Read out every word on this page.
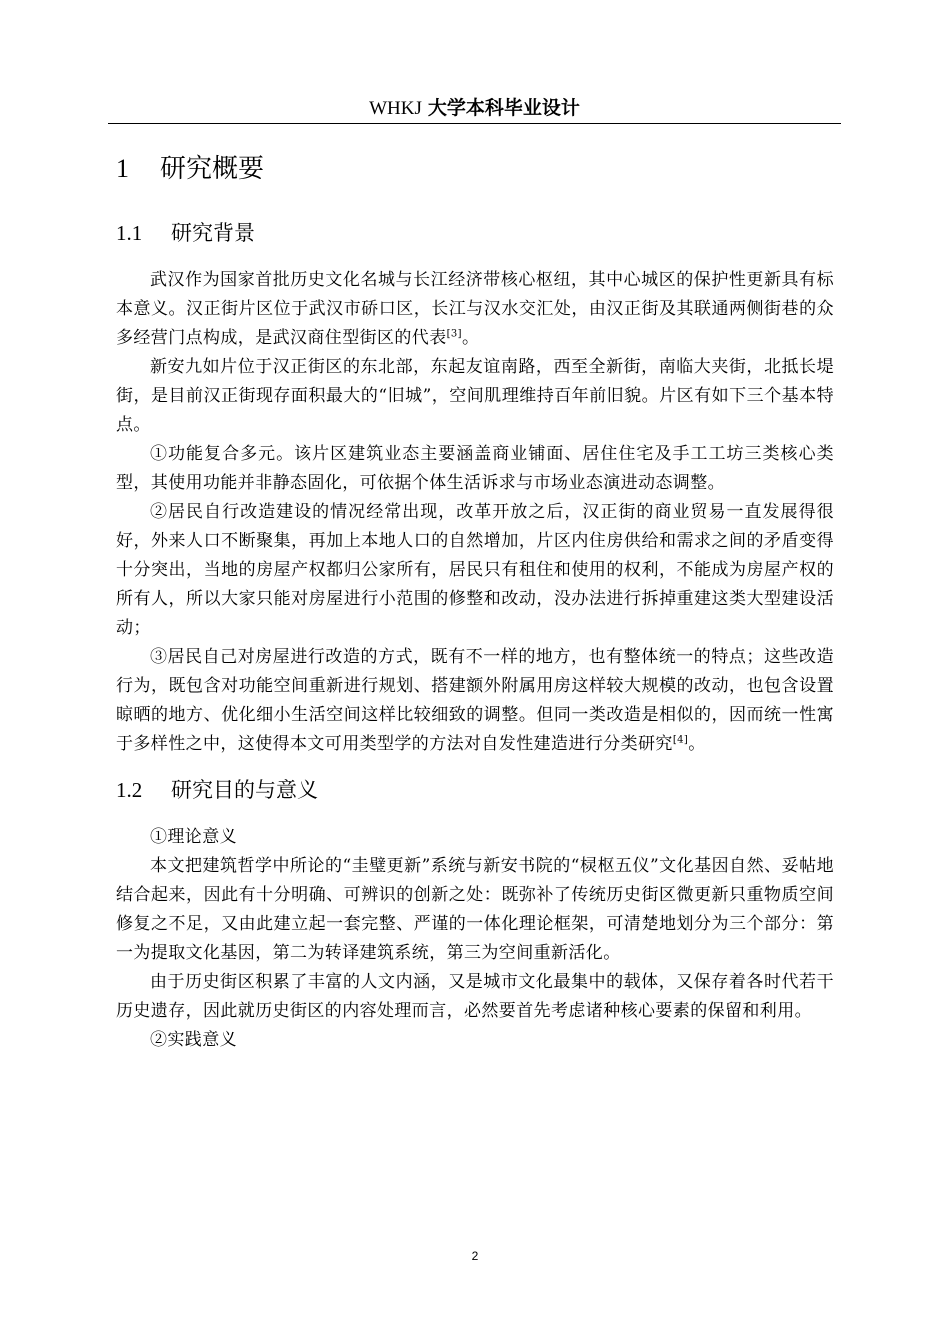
WHKJ 大学本科毕业设计
1 研究概要
1.1 研究背景

武汉作为国家首批历史文化名城与长江经济带核心枢纽，其中心城区的保护性更新具有标本意义。汉正街片区位于武汉市硚口区，长江与汉水交汇处，由汉正街及其联通两侧街巷的众多经营门点构成，是武汉商住型街区的代表[3]。

新安九如片位于汉正街区的东北部，东起友谊南路，西至全新街，南临大夹街，北抵长堤街，是目前汉正街现存面积最大的“旧城”，空间肌理维持百年前旧貌。片区有如下三个基本特点。

①功能复合多元。该片区建筑业态主要涵盖商业铺面、居住住宅及手工工坊三类核心类型，其使用功能并非静态固化，可依据个体生活诉求与市场业态演进动态调整。

②居民自行改造建设的情况经常出现，改革开放之后，汉正街的商业贸易一直发展得很好，外来人口不断聚集，再加上本地人口的自然增加，片区内住房供给和需求之间的矛盾变得十分突出，当地的房屋产权都归公家所有，居民只有租住和使用的权利，不能成为房屋产权的所有人，所以大家只能对房屋进行小范围的修整和改动，没办法进行拆掉重建这类大型建设活动；

③居民自己对房屋进行改造的方式，既有不一样的地方，也有整体统一的特点；这些改造行为，既包含对功能空间重新进行规划、搭建额外附属用房这样较大规模的改动，也包含设置晾晒的地方、优化细小生活空间这样比较细致的调整。但同一类改造是相似的，因而统一性寓于多样性之中，这使得本文可用类型学的方法对自发性建造进行分类研究[4]。

1.2 研究目的与意义

①理论意义

本文把建筑哲学中所论的“圭璧更新”系统与新安书院的“棂枢五仪”文化基因自然、妥帖地结合起来，因此有十分明确、可辨识的创新之处：既弥补了传统历史街区微更新只重物质空间修复之不足，又由此建立起一套完整、严谨的一体化理论框架，可清楚地划分为三个部分：第一为提取文化基因，第二为转译建筑系统，第三为空间重新活化。

由于历史街区积累了丰富的人文内涵，又是城市文化最集中的载体，又保存着各时代若干历史遗存，因此就历史街区的内容处理而言，必然要首先考虑诸种核心要素的保留和利用。

②实践意义

2
